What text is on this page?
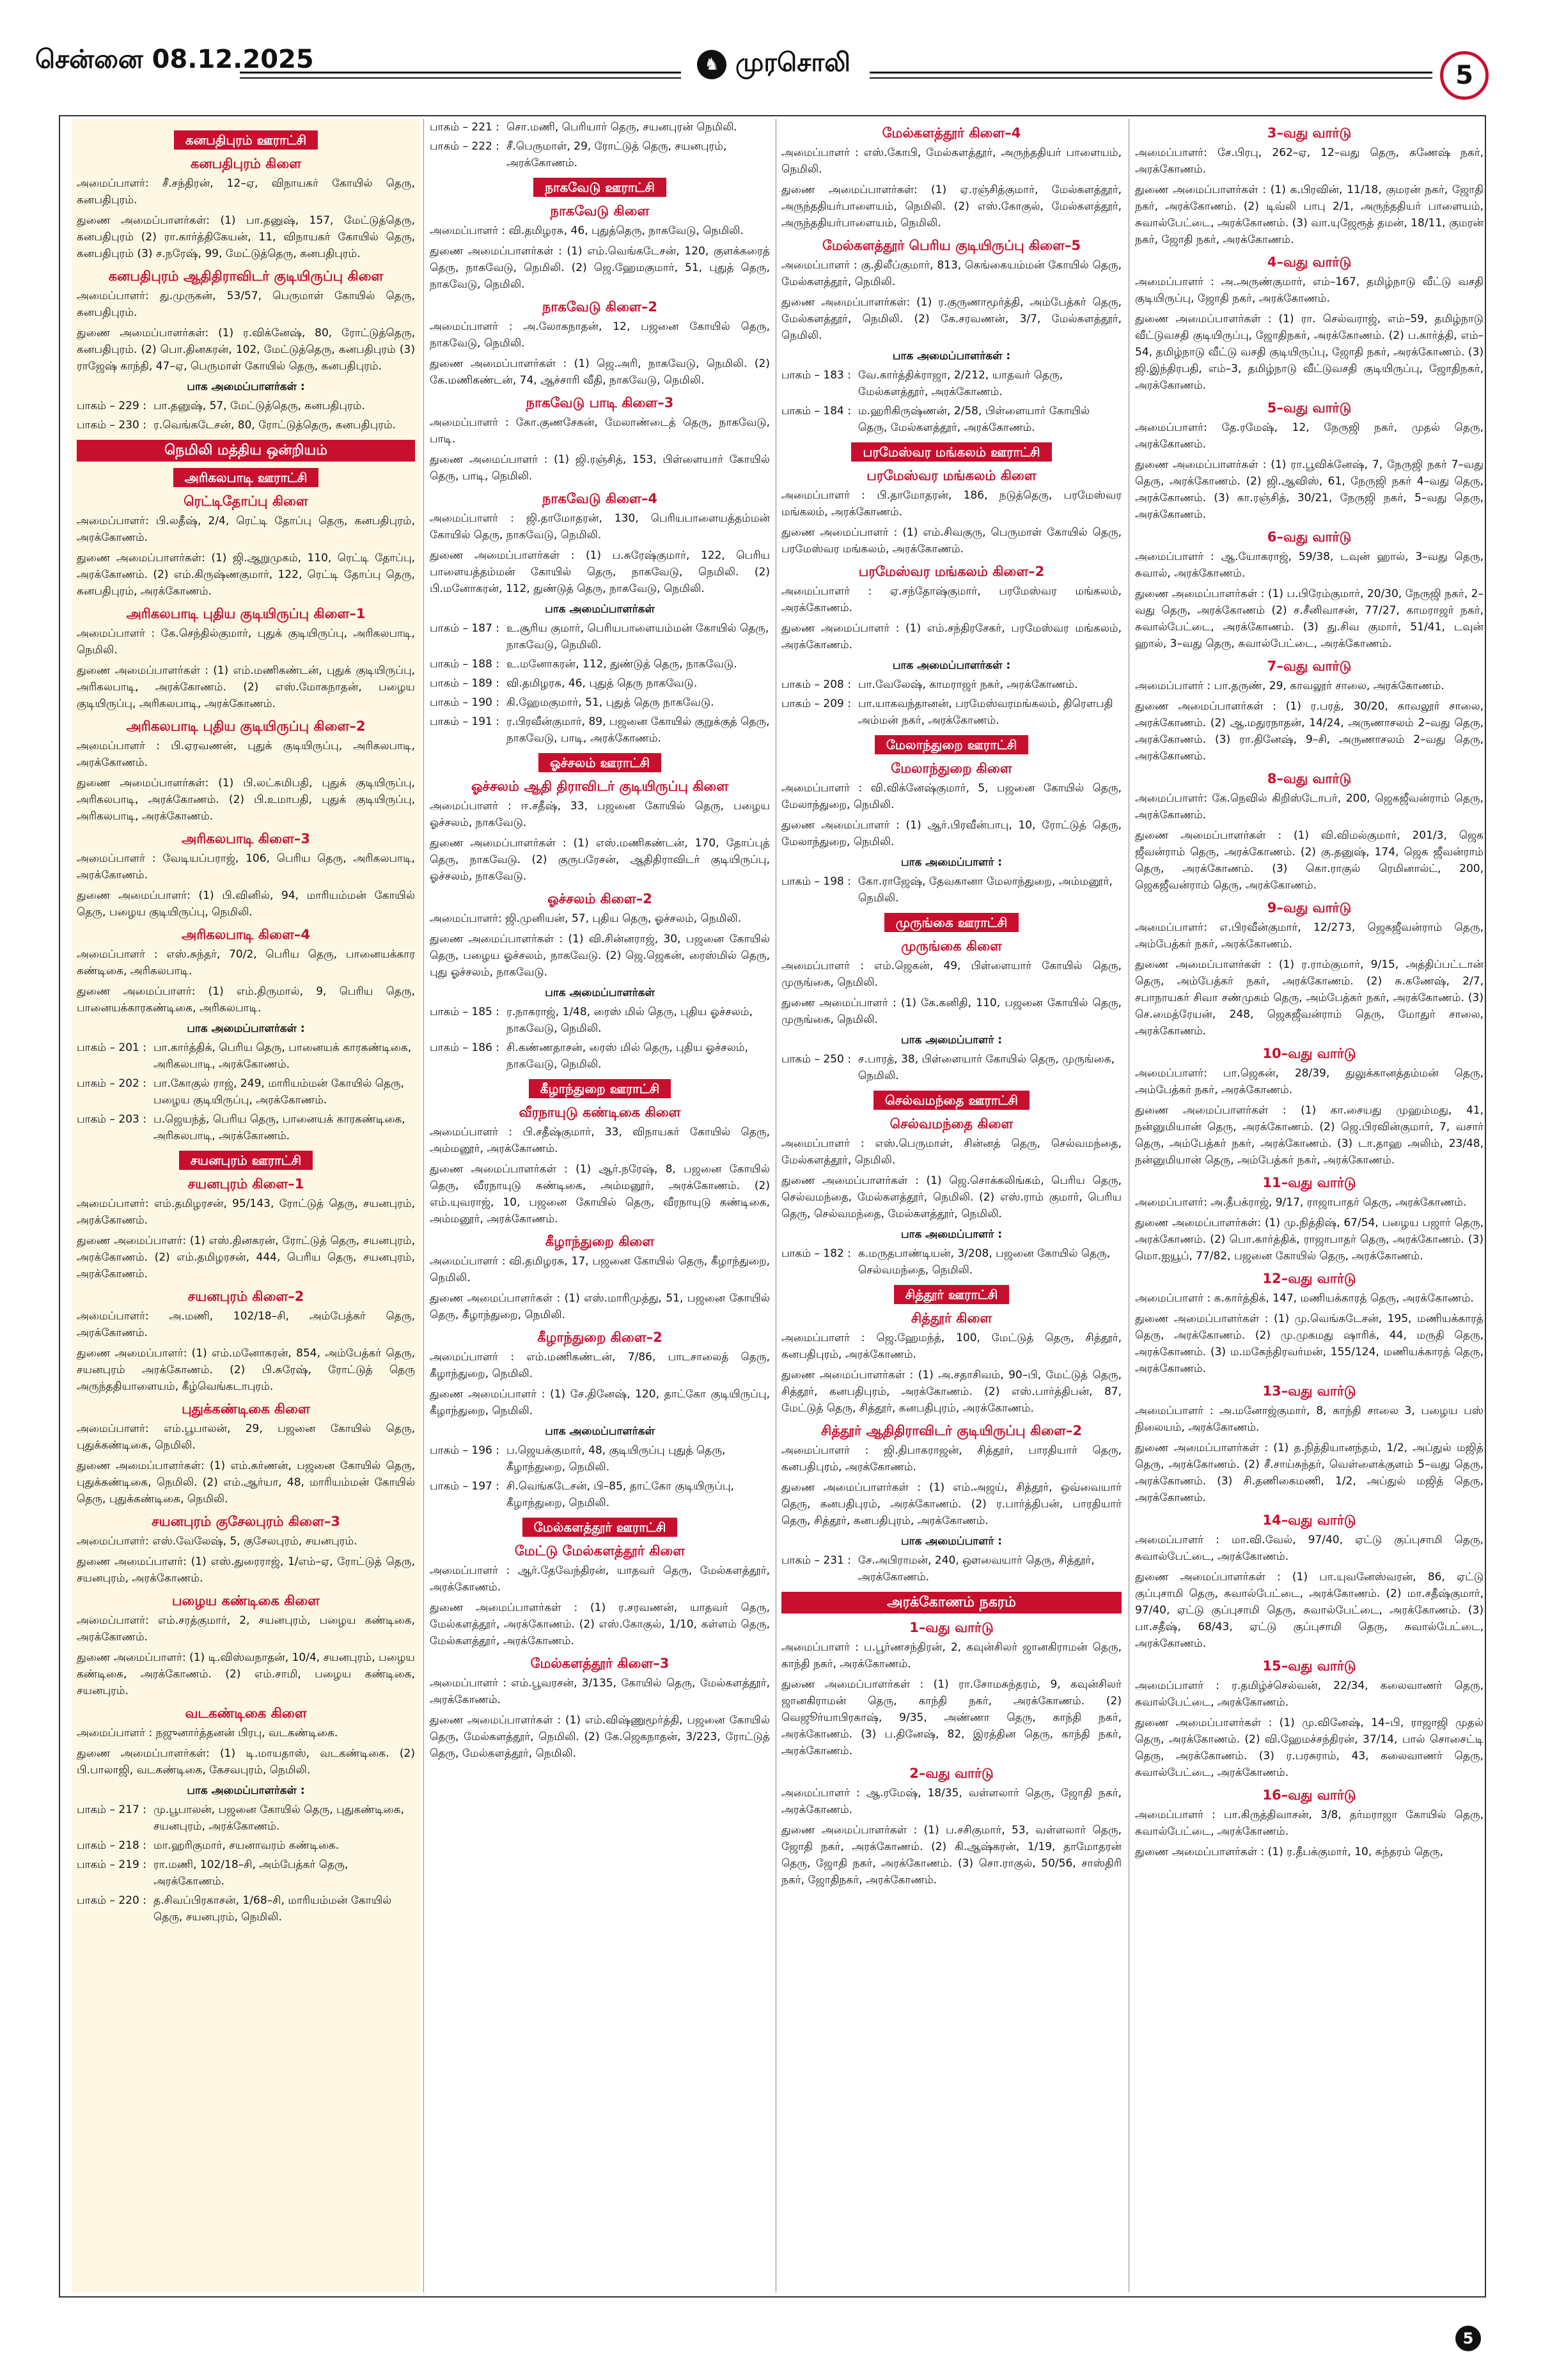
சென்னை 08.12.2025	♞ முரசொலி	5
கனபதிபுரம் ஊராட்சி
கனபதிபுரம் கிளை

அமைப்பாளர்: சீ.சந்திரன், 12–ஏ, விநாயகர் கோயில் தெரு, கனபதிபுரம்.

துணை அமைப்பாளர்கள்: (1) பா.தனுஷ், 157, மேட்டுத்தெரு, கனபதிபுரம் (2) ரா.கார்த்திகேயன், 11, விநாயகர் கோயில் தெரு, கனபதிபுரம் (3) ச.நரேஷ், 99, மேட்டுத்தெரு, கனபதிபுரம்.

கனபதிபுரம் ஆதிதிராவிடர் குடியிருப்பு கிளை

அமைப்பாளர்: து.முருகன், 53/57, பெருமாள் கோயில் தெரு, கனபதிபுரம்.

துணை அமைப்பாளர்கள்: (1) ர.விக்னேஷ், 80, ரோட்டுத்தெரு, கனபதிபுரம். (2) பொ.தினகரன், 102, மேட்டுத்தெரு, கனபதிபுரம் (3) ராஜேஷ் காந்தி, 47–ஏ, பெருமாள் கோயில் தெரு, கனபதிபுரம்.

பாக அமைப்பாளர்கள் :
பாகம் – 229 : பா.தனுஷ், 57, மேட்டுத்தெரு, கனபதிபுரம்.
பாகம் – 230 : ர.வெங்கடேசன், 80, ரோட்டுத்தெரு, கனபதிபுரம்.
நெமிலி மத்திய ஒன்றியம்
அரிகலபாடி ஊராட்சி
ரெட்டிதோப்பு கிளை

அமைப்பாளர்: பி.லதீஷ், 2/4, ரெட்டி தோப்பு தெரு, கனபதிபுரம், அரக்கோணம்.

துணை அமைப்பாளர்கள்: (1) ஜி.ஆறுமுகம், 110, ரெட்டி தோப்பு, அரக்கோணம். (2) எம்.கிருஷ்ணகுமார், 122, ரெட்டி தோப்பு தெரு, கனபதிபுரம், அரக்கோணம்.

அரிகலபாடி புதிய குடியிருப்பு கிளை–1

அமைப்பாளர் : கே.செந்தில்குமார், புதுக் குடியிருப்பு, அரிகலபாடி, நெமிலி.

துணை அமைப்பாளர்கள் : (1) எம்.மணிகண்டன், புதுக் குடியிருப்பு, அரிகலபாடி, அரக்கோணம். (2) எஸ்.மோகநாதன், பழைய குடியிருப்பு, அரிகலபாடி, அரக்கோணம்.

அரிகலபாடி புதிய குடியிருப்பு கிளை–2

அமைப்பாளர் : பி.ஏரவணன், புதுக் குடியிருப்பு, அரிகலபாடி, அரக்கோணம்.

துணை அமைப்பாளர்கள்: (1) பி.லட்சுமிபதி, புதுக் குடியிருப்பு, அரிகலபாடி, அரக்கோணம். (2) பி.உமாபதி, புதுக் குடியிருப்பு, அரிகலபாடி, அரக்கோணம்.

அரிகலபாடி கிளை–3

அமைப்பாளர் : வேடியப்பராஜ், 106, பெரிய தெரு, அரிகலபாடி, அரக்கோணம்.

துணை அமைப்பாளர்: (1) பி.வினில், 94, மாரியம்மன் கோயில் தெரு, பழைய குடியிருப்பு, நெமிலி.

அரிகலபாடி கிளை–4

அமைப்பாளர் : எஸ்.சுந்தர், 70/2, பெரிய தெரு, பானையக்கார கண்டிகை, அரிகலபாடி.

துணை அமைப்பாளர்: (1) எம்.திருமால், 9, பெரிய தெரு, பானையக்காரகண்டிகை, அரிகலபாடி.

பாக அமைப்பாளர்கள் :
பாகம் – 201 : பா.கார்த்திக், பெரிய தெரு, பானையக் காரகண்டிகை, அரிகலபாடி, அரக்கோணம்.
பாகம் – 202 : பா.கோகுல் ராஜ், 249, மாரியம்மன் கோயில் தெரு, பழைய குடியிருப்பு, அரக்கோணம்.
பாகம் – 203 : ப.ஜெயந்த், பெரிய தெரு, பானையக் காரகண்டிகை, அரிகலபாடி, அரக்கோணம்.
சயனபுரம் ஊராட்சி
சயனபுரம் கிளை–1

அமைப்பாளர்: எம்.தமிழரசன், 95/143, ரோட்டுத் தெரு, சயனபுரம், அரக்கோணம்.

துணை அமைப்பாளர்: (1) எஸ்.தினகரன், ரோட்டுத் தெரு, சயனபுரம், அரக்கோணம். (2) எம்.தமிழரசன், 444, பெரிய தெரு, சயனபுரம், அரக்கோணம்.

சயனபுரம் கிளை–2

அமைப்பாளர்: அ.மணி, 102/18–சி, அம்பேத்கர் தெரு, அரக்கோணம்.

துணை அமைப்பாளர்: (1) எம்.மனோகரன், 854, அம்பேத்கர் தெரு, சயனபுரம் அரக்கோணம். (2) பி.சுரேஷ், ரோட்டுத் தெரு அருந்ததியாளையம், கீழ்வெங்கடாபுரம்.

புதுக்கண்டிகை கிளை

அமைப்பாளர்: எம்.பூபாலன், 29, பஜனை கோயில் தெரு, புதுக்கண்டிகை, நெமிலி.

துணை அமைப்பாளர்கள்: (1) எம்.கர்ணன், பஜனை கோயில் தெரு, புதுக்கண்டிகை, நெமிலி. (2) எம்.ஆர்யா, 48, மாரியம்மன் கோயில் தெரு, புதுக்கண்டிகை, நெமிலி.

சயனபுரம் குசேலபுரம் கிளை–3

அமைப்பாளர்: எஸ்.வேலேஷ், 5, குசேலபுரம், சயனபுரம்.

துணை அமைப்பாளர்: (1) எஸ்.துரைராஜ், 1/எம்–ஏ, ரோட்டுத் தெரு, சயனபுரம், அரக்கோணம்.

பழைய கண்டிகை கிளை

அமைப்பாளர்: எம்.சரத்குமார், 2, சயனபுரம், பழைய கண்டிகை, அரக்கோணம்.

துணை அமைப்பாளர்: (1) டி.விஸ்வநாதன், 10/4, சயனபுரம், பழைய கண்டிகை, அரக்கோணம். (2) எம்.சாமி, பழைய கண்டிகை, சயனபுரம்.

வடகண்டிகை கிளை

அமைப்பாளர் : நஜுனார்த்தனன் பிரபு, வடகண்டிகை.

துணை அமைப்பாளர்கள்: (1) டி.மாயதாஸ், வடகண்டிகை. (2) பி.பாலாஜி, வடகண்டிகை, கேசவபுரம், நெமிலி.

பாக அமைப்பாளர்கள் :
பாகம் – 217 : மு.பூபாலன், பஜனை கோயில் தெரு, புதுகண்டிகை, சயனபுரம், அரக்கோணம்.
பாகம் – 218 : மா.ஹரிகுமார், சயனாவரம் கண்டிகை.
பாகம் – 219 : ரா.மணி, 102/18–சி, அம்பேத்கர் தெரு, அரக்கோணம்.
பாகம் – 220 : த.சிவப்பிரகாசன், 1/68–சி, மாரியம்மன் கோயில் தெரு, சயனபுரம், நெமிலி.
பாகம் – 221 : சொ.மணி, பெரியார் தெரு, சயனபுரன் நெமிலி.
பாகம் – 222 : சீ.பெருமாள், 29, ரோட்டுத் தெரு, சயனபுரம், அரக்கோணம்.
நாகவேடு ஊராட்சி
நாகவேடு கிளை

அமைப்பாளர் : வி.தமிழரசு, 46, புதுத்தெரு, நாகவேடு, நெமிலி.

துணை அமைப்பாளர்கள் : (1) எம்.வெங்கடேசன், 120, குளக்கரைத் தெரு, நாகவேடு, நெமிலி. (2) ஜெ.ஹேமகுமார், 51, புதுத் தெரு, நாகவேடு, நெமிலி.

நாகவேடு கிளை–2

அமைப்பாளர் : அ.லோகநாதன், 12, பஜனை கோயில் தெரு, நாகவேடு, நெமிலி.

துணை அமைப்பாளர்கள் : (1) ஜெ.அரி, நாகவேடு, நெமிலி. (2) கே.மணிகண்டன், 74, ஆச்சாரி வீதி, நாகவேடு, நெமிலி.

நாகவேடு பாடி கிளை–3

அமைப்பாளர் : கோ.குணசேகன், மேலாண்டைத் தெரு, நாகவேடு, பாடி.

துணை அமைப்பாளர் : (1) ஜி.ரஞ்சித், 153, பிள்ளையார் கோயில் தெரு, பாடி, நெமிலி.

நாகவேடு கிளை–4

அமைப்பாளர் : ஜி.தாமோதரன், 130, பெரியபாளையத்தம்மன் கோயில் தெரு, நாகவேடு, நெமிலி.

துணை அமைப்பாளர்கள் : (1) ப.சுரேஷ்குமார், 122, பெரிய பாளையத்தம்மன் கோயில் தெரு, நாகவேடு, நெமிலி. (2) பி.மனோகரன், 112, துண்டுத் தெரு, நாகவேடு, நெமிலி.

பாக அமைப்பாளர்கள்
பாகம் – 187 : உ.சூரிய குமார், பெரியபாளையம்மன் கோயில் தெரு, நாகவேடு, நெமிலி.
பாகம் – 188 : உ.மனோகரன், 112, துண்டுத் தெரு, நாகவேடு.
பாகம் – 189 : வி.தமிழரசு, 46, புதுத் தெரு நாகவேடு.
பாகம் – 190 : கி.ஹேமகுமார், 51, புதுத் தெரு நாகவேடு.
பாகம் – 191 : ர.பிரவீன்குமார், 89, பஜனை கோயில் குறுக்குத் தெரு, நாகவேடு, பாடி, அரக்கோணம்.
ஓச்சலம் ஊராட்சி
ஓச்சலம் ஆதி திராவிடர் குடியிருப்பு கிளை

அமைப்பாளர் : ஈ.சதீஷ், 33, பஜனை கோயில் தெரு, பழைய ஓச்சலம், நாகவேடு.

துணை அமைப்பாளர்கள் : (1) எஸ்.மணிகண்டன், 170, தோப்புத் தெரு, நாகவேடு. (2) குருபரேசன், ஆதிதிராவிடர் குடியிருப்பு, ஓச்சலம், நாகவேடு.

ஓச்சலம் கிளை–2

அமைப்பாளர்: ஜி.முனியன், 57, புதிய தெரு, ஓச்சலம், நெமிலி.

துணை அமைப்பாளர்கள் : (1) வி.சின்னராஜ், 30, பஜனை கோயில் தெரு, பழைய ஓச்சலம், நாகவேடு. (2) ஜெ.ஜெகன், ரைஸ்மில் தெரு, புது ஓச்சலம், நாகவேடு.

பாக அமைப்பாளர்கள்
பாகம் – 185 : ர.நாகராஜ், 1/48, ரைஸ் மில் தெரு, புதிய ஓச்சலம், நாகவேடு, நெமிலி.
பாகம் – 186 : சி.கண்ணதாசன், ரைஸ் மில் தெரு, புதிய ஓச்சலம், நாகவேடு, நெமிலி.
கீழாந்துறை ஊராட்சி
வீரநாயுடு கண்டிகை கிளை

அமைப்பாளர் : பி.சதீஷ்குமார், 33, விநாயகர் கோயில் தெரு, அம்மனூர், அரக்கோணம்.

துணை அமைப்பாளர்கள் : (1) ஆர்.நரேஷ், 8, பஜனை கோயில் தெரு, வீரநாயுடு கண்டிகை, அம்மனூர், அரக்கோணம். (2) எம்.யுவராஜ், 10, பஜனை கோயில் தெரு, வீரநாயுடு கண்டிகை, அம்மனூர், அரக்கோணம்.

கீழாந்துறை கிளை

அமைப்பாளர் : வி.தமிழரசு, 17, பஜனை கோயில் தெரு, கீழாந்துறை, நெமிலி.

துணை அமைப்பாளர்கள் : (1) எஸ்.மாரிமுத்து, 51, பஜனை கோயில் தெரு, கீழாந்துறை, நெமிலி.

கீழாந்துறை கிளை–2

அமைப்பாளர் : எம்.மணிகண்டன், 7/86, பாடசாலைத் தெரு, கீழாந்துறை, நெமிலி.

துணை அமைப்பாளர் : (1) சே.தினேஷ், 120, தாட்கோ குடியிருப்பு, கீழாந்துறை, நெமிலி.

பாக அமைப்பாளர்கள்
பாகம் – 196 : ப.ஜெயக்குமார், 48, குடியிருப்பு புதுத் தெரு, கீழாந்துறை, நெமிலி.
பாகம் – 197 : சி.வெங்கடேசன், பி–85, தாட்கோ குடியிருப்பு, கீழாந்துறை, நெமிலி.
மேல்களத்தூர் ஊராட்சி
மேட்டு மேல்களத்தூர் கிளை

அமைப்பாளர் : ஆர்.தேவேந்திரன், யாதவர் தெரு, மேல்களத்தூர், அரக்கோணம்.

துணை அமைப்பாளர்கள் : (1) ர.சரவணன், யாதவர் தெரு, மேல்களத்தூர், அரக்கோணம். (2) எஸ்.கோகுல், 1/10, கள்ளம் தெரு, மேல்களத்தூர், அரக்கோணம்.

மேல்களத்தூர் கிளை–3

அமைப்பாளர் : எம்.பூவரசன், 3/135, கோயில் தெரு, மேல்களத்தூர், அரக்கோணம்.

துணை அமைப்பாளர்கள் : (1) எம்.விஷ்ணுமூர்த்தி, பஜனை கோயில் தெரு, மேல்களத்தூர், நெமிலி. (2) கே.ஜெகநாதன், 3/223, ரோட்டுத் தெரு, மேல்களத்தூர், நெமிலி.

மேல்களத்தூர் கிளை–4

அமைப்பாளர் : எஸ்.கோபி, மேல்களத்தூர், அருந்ததியர் பாளையம், நெமிலி.

துணை அமைப்பாளர்கள்: (1) ஏ.ரஞ்சித்குமார், மேல்களத்தூர், அருந்ததியர்பாளையம், நெமிலி. (2) எஸ்.கோகுல், மேல்களத்தூர், அருந்ததியர்பாளையம், நெமிலி.

மேல்களத்தூர் பெரிய குடியிருப்பு கிளை–5

அமைப்பாளர் : கு.திலீப்குமார், 813, கெங்கையம்மன் கோயில் தெரு, மேல்களத்தூர், நெமிலி.

துணை அமைப்பாளர்கள்: (1) ர.குருணாமூர்த்தி, அம்பேத்கர் தெரு, மேல்களத்தூர், நெமிலி. (2) கே.சரவணன், 3/7, மேல்களத்தூர், நெமிலி.

பாக அமைப்பாளர்கள் :
பாகம் – 183 : வே.கார்த்திக்ராஜா, 2/212, யாதவர் தெரு, மேல்களத்தூர், அரக்கோணம்.
பாகம் – 184 : ம.ஹரிகிருஷ்ணன், 2/58, பிள்ளையார் கோயில் தெரு, மேல்களத்தூர், அரக்கோணம்.
பரமேஸ்வர மங்கலம் ஊராட்சி
பரமேஸ்வர மங்கலம் கிளை

அமைப்பாளர் : பி.தாமோதரன், 186, நடுத்தெரு, பரமேஸ்வர மங்கலம், அரக்கோணம்.

துணை அமைப்பாளர் : (1) எம்.சிவகுரு, பெருமாள் கோயில் தெரு, பரமேஸ்வர மங்கலம், அரக்கோணம்.

பரமேஸ்வர மங்கலம் கிளை–2

அமைப்பாளர் : ஏ.சந்தோஷ்குமார், பரமேஸ்வர மங்கலம், அரக்கோணம்.

துணை அமைப்பாளர் : (1) எம்.சந்திரசேகர், பரமேஸ்வர மங்கலம், அரக்கோணம்.

பாக அமைப்பாளர்கள் :
பாகம் – 208 : பா.வேலேஷ், காமராஜர் நகர், அரக்கோணம்.
பாகம் – 209 : பா.யாகவந்தானன், பரமேஸ்வரமங்கலம், திரௌபதி அம்மன் நகர், அரக்கோணம்.
மேலாந்துறை ஊராட்சி
மேலாந்துறை கிளை

அமைப்பாளர் : வி.விக்னேஷ்குமார், 5, பஜனை கோயில் தெரு, மேலாந்துறை, நெமிலி.

துணை அமைப்பாளர் : (1) ஆர்.பிரவீன்பாபு, 10, ரோட்டுத் தெரு, மேலாந்துறை, நெமிலி.

பாக அமைப்பாளர் :
பாகம் – 198 : கோ.ராஜேஷ், தேவகானா மேலாந்துறை, அம்மனூர், நெமிலி.
முருங்கை ஊராட்சி
முருங்கை கிளை

அமைப்பாளர் : எம்.ஜெகன், 49, பிள்ளையார் கோயில் தெரு, முருங்கை, நெமிலி.

துணை அமைப்பாளர் : (1) கே.கனிதி, 110, பஜனை கோயில் தெரு, முருங்கை, நெமிலி.

பாக அமைப்பாளர் :
பாகம் – 250 : ச.பாரத், 38, பிள்ளையார் கோயில் தெரு, முருங்கை, நெமிலி.
செல்வமந்தை ஊராட்சி
செல்வமந்தை கிளை

அமைப்பாளர் : எஸ்.பெருமாள், சின்னத் தெரு, செல்வமந்தை, மேல்களத்தூர், நெமிலி.

துணை அமைப்பாளர்கள் : (1) ஜெ.சொக்கலிங்கம், பெரிய தெரு, செல்வமந்தை, மேல்களத்தூர், நெமிலி. (2) எஸ்.ராம் குமார், பெரிய தெரு, செல்வமந்தை, மேல்களத்தூர், நெமிலி.

பாக அமைப்பாளர் :
பாகம் – 182 : க.மருதபாண்டியன், 3/208, பஜனை கோயில் தெரு, செல்வமந்தை, நெமிலி.
சித்தூர் ஊராட்சி
சித்தூர் கிளை

அமைப்பாளர் : ஜெ.ஹேமந்த், 100, மேட்டுத் தெரு, சித்தூர், கனபதிபுரம், அரக்கோணம்.

துணை அமைப்பாளர்கள் : (1) அ.சதாசிவம், 90–பி, மேட்டுத் தெரு, சித்தூர், கனபதிபுரம், அரக்கோணம். (2) எஸ்.பார்த்திபன், 87, மேட்டுத் தெரு, சித்தூர், கனபதிபுரம், அரக்கோணம்.

சித்தூர் ஆதிதிராவிடர் குடியிருப்பு கிளை–2

அமைப்பாளர் : ஜி.திபாகராஜன், சித்தூர், பாரதியார் தெரு, கனபதிபுரம், அரக்கோணம்.

துணை அமைப்பாளர்கள் : (1) எம்.அஜய், சித்தூர், ஒவ்வையார் தெரு, கனபதிபுரம், அரக்கோணம். (2) ர.பார்த்திபன், பாரதியார் தெரு, சித்தூர், கனபதிபுரம், அரக்கோணம்.

பாக அமைப்பாளர் :
பாகம் – 231 : சே.அபிராமன், 240, ஔவையார் தெரு, சித்தூர், அரக்கோணம்.
அரக்கோணம் நகரம்
1–வது வார்டு

அமைப்பாளர் : ப.பூர்ணசந்திரன், 2, கவுன்சிலர் ஜானகிராமன் தெரு, காந்தி நகர், அரக்கோணம்.

துணை அமைப்பாளர்கள் : (1) ரா.சோமசுந்தரம், 9, கவுன்சிலர் ஜானகிராமன் தெரு, காந்தி நகர், அரக்கோணம். (2) வெஜூர்யாபிரகாஷ், 9/35, அண்ணா தெரு, காந்தி நகர், அரக்கோணம். (3) ப.தினேஷ், 82, இரத்தின தெரு, காந்தி நகர், அரக்கோணம்.

2–வது வார்டு

அமைப்பாளர் : ஆ.ரமேஷ், 18/35, வள்ளலார் தெரு, ஜோதி நகர், அரக்கோணம்.

துணை அமைப்பாளர்கள் : (1) ப.சசிகுமார், 53, வள்ளலார் தெரு, ஜோதி நகர், அரக்கோணம். (2) கி.ஆஷ்கரன், 1/19, தாமோதரன் தெரு, ஜோதி நகர், அரக்கோணம். (3) சொ.ராகுல், 50/56, சாஸ்திரி நகர், ஜோதிநகர், அரக்கோணம்.

3–வது வார்டு

அமைப்பாளர்: சே.பிரபு, 262–ஏ, 12–வது தெரு, கணேஷ் நகர், அரக்கோணம்.

துணை அமைப்பாளர்கள் : (1) க.பிரவின், 11/18, குமரன் நகர், ஜோதி நகர், அரக்கோணம். (2) டிவ்லி பாபு 2/1, அருந்ததியர் பாளையம், சுவால்பேட்டை, அரக்கோணம். (3) வா.யுஜேரூத் தமன், 18/11, குமரன் நகர், ஜோதி நகர், அரக்கோணம்.

4–வது வார்டு

அமைப்பாளர் : அ.அருண்குமார், எம்–167, தமிழ்நாடு வீட்டு வசதி குடியிருப்பு, ஜோதி நகர், அரக்கோணம்.

துணை அமைப்பாளர்கள் : (1) ரா. செல்வராஜ், எம்–59, தமிழ்நாடு வீட்டுவசதி குடியிருப்பு, ஜோதிநகர், அரக்கோணம். (2) ப.கார்த்தி, எம்–54, தமிழ்நாடு வீட்டு வசதி குடியிருப்பு, ஜோதி நகர், அரக்கோணம். (3) ஜி.இந்திரபதி, எம்–3, தமிழ்நாடு வீட்டுவசதி குடியிருப்பு, ஜோதிநகர், அரக்கோணம்.

5–வது வார்டு

அமைப்பாளர்: தே.ரமேஷ், 12, நேருஜி நகர், முதல் தெரு, அரக்கோணம்.

துணை அமைப்பாளர்கள் : (1) ரா.பூவிக்னேஷ், 7, நேருஜி நகர் 7–வது தெரு, அரக்கோணம். (2) ஜி.ஆவிஸ், 61, நேருஜி நகர் 4–வது தெரு, அரக்கோணம். (3) கா.ரஞ்சித், 30/21, நேருஜி நகர், 5–வது தெரு, அரக்கோணம்.

6–வது வார்டு

அமைப்பாளர் : ஆ.யோகராஜ், 59/38, டவுன் ஹால், 3–வது தெரு, சுவால், அரக்கோணம்.

துணை அமைப்பாளர்கள் : (1) ப.பிரேம்குமார், 20/30, நேருஜி நகர், 2–வது தெரு, அரக்கோணம் (2) ச.சீனிவாசன், 77/27, காமராஜர் நகர், சுவால்பேட்டை, அரக்கோணம். (3) து.சிவ குமார், 51/41, டவுன் ஹால், 3–வது தெரு, சுவால்பேட்டை, அரக்கோணம்.

7–வது வார்டு

அமைப்பாளர் : பா.தருண், 29, காவலூர் சாலை, அரக்கோணம்.

துணை அமைப்பாளர்கள் : (1) ர.பரத், 30/20, காவலூர் சாலை, அரக்கோணம். (2) ஆ.மதுரநாதன், 14/24, அருணாசலம் 2–வது தெரு, அரக்கோணம். (3) ரா.தினேஷ், 9–சி, அருணாசலம் 2–வது தெரு, அரக்கோணம்.

8–வது வார்டு

அமைப்பாளர்: கே.நெவில் கிறிஸ்டோபர், 200, ஜெகஜீவன்ராம் தெரு, அரக்கோணம்.

துணை அமைப்பாளர்கள் : (1) வி.விமல்குமார், 201/3, ஜெக ஜீவன்ராம் தெரு, அரக்கோணம். (2) கு.தனுஷ், 174, ஜெக ஜீவன்ராம் தெரு, அரக்கோணம். (3) கொ.ராகுல் ரெமினால்ட், 200, ஜெகஜீவன்ராம் தெரு, அரக்கோணம்.

9–வது வார்டு

அமைப்பாளர்: எ.பிரவீன்குமார், 12/273, ஜெகஜீவன்ராம் தெரு, அம்பேத்கர் நகர், அரக்கோணம்.

துணை அமைப்பாளர்கள் : (1) ர.ராம்குமார், 9/15, அத்திப்பட்டான் தெரு, அம்பேத்கர் நகர், அரக்கோணம். (2) சு.கணேஷ், 2/7, சபாநாயகர் சிவா சண்முகம் தெரு, அம்பேத்கர் நகர், அரக்கோணம். (3) செ.மைத்ரேயன், 248, ஜெகஜீவன்ராம் தெரு, மோதுர் சாலை, அரக்கோணம்.

10–வது வார்டு

அமைப்பாளர்: பா.ஜெகன், 28/39, துலுக்கானத்தம்மன் தெரு, அம்பேத்கர் நகர், அரக்கோணம்.

துணை அமைப்பாளர்கள் : (1) கா.சையது முஹம்மது, 41, நன்னுமியான் தெரு, அரக்கோணம். (2) ஜெ.பிரவின்குமார், 7, வசார் தெரு, அம்பேத்கர் நகர், அரக்கோணம். (3) டா.தாஹ அலிம், 23/48, நன்னுமியான் தெரு, அம்பேத்கர் நகர், அரக்கோணம்.

11–வது வார்டு

அமைப்பாளர்: அ.தீபக்ராஜ், 9/17, ராஜாபாதர் தெரு, அரக்கோணம்.

துணை அமைப்பாளர்கள்: (1) மு.நித்திஷ், 67/54, பழைய பஜார் தெரு, அரக்கோணம். (2) பொ.கார்த்திக், ராஜாபாதர் தெரு, அரக்கோணம். (3) மொ.ஐயூப், 77/82, பஜனை கோயில் தெரு, அரக்கோணம்.

12–வது வார்டு

அமைப்பாளர் : க.கார்த்திக், 147, மணியக்காரத் தெரு, அரக்கோணம்.

துணை அமைப்பாளர்கள் : (1) மு.வெங்கடேசன், 195, மணியக்காரத் தெரு, அரக்கோணம். (2) மு.முகமது ஷாரிக், 44, மருதி தெரு, அரக்கோணம். (3) ம.மகேந்திரவர்மன், 155/124, மணியக்காரத் தெரு, அரக்கோணம்.

13–வது வார்டு

அமைப்பாளர் : அ.மனோஜ்குமார், 8, காந்தி சாலை 3, பழைய பஸ் நிலையம், அரக்கோணம்.

துணை அமைப்பாளர்கள் : (1) த.நித்தியானந்தம், 1/2, அப்துல் மஜித் தெரு, அரக்கோணம். (2) சீ.சாய்சுந்தர், வெள்ளைக்குளம் 5–வது தெரு, அரக்கோணம். (3) சி.தணிகைமணி, 1/2, அப்துல் மஜித் தெரு, அரக்கோணம்.

14–வது வார்டு

அமைப்பாளர் : மா.வி.வேல், 97/40, ஏட்டு குப்புசாமி தெரு, சுவால்பேட்டை, அரக்கோணம்.

துணை அமைப்பாளர்கள் : (1) பா.யுவனேஸ்வரன், 86, ஏட்டு குப்புசாமி தெரு, சுவால்பேட்டை, அரக்கோணம். (2) மா.சதீஷ்குமார், 97/40, ஏட்டு குப்புசாமி தெரு, சுவால்பேட்டை, அரக்கோணம். (3) பா.சதீஷ், 68/43, ஏட்டு குப்புசாமி தெரு, சுவால்பேட்டை, அரக்கோணம்.

15–வது வார்டு

அமைப்பாளர் : ர.தமிழ்ச்செல்வன், 22/34, கலைவாணர் தெரு, சுவால்பேட்டை, அரக்கோணம்.

துணை அமைப்பாளர்கள் : (1) மு.வினேஷ், 14–பி, ராஜாஜி முதல் தெரு, அரக்கோணம். (2) வி.ஹேமச்சந்திரன், 37/14, பால் சொசைட்டி தெரு, அரக்கோணம். (3) ர.பரசுராம், 43, கலைவாணர் தெரு, சுவால்பேட்டை, அரக்கோணம்.

16–வது வார்டு

அமைப்பாளர் : பா.கிருத்திவாசன், 3/8, தர்மராஜா கோயில் தெரு, சுவால்பேட்டை, அரக்கோணம்.

துணை அமைப்பாளர்கள் : (1) ர.தீபக்குமார், 10, சுந்தரம் தெரு,

5
